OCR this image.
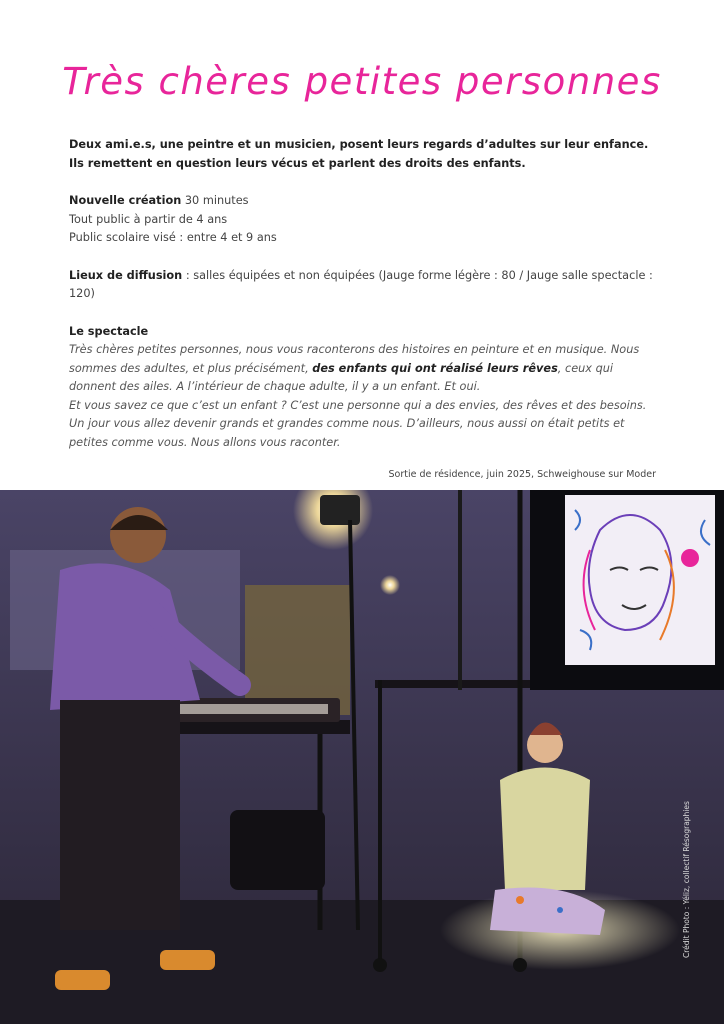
Très chères petites personnes

Deux ami.e.s, une peintre et un musicien, posent leurs regards d’adultes sur leur enfance. Ils remettent en question leurs vécus et parlent des droits des enfants.

Nouvelle création 30 minutes

Tout public à partir de 4 ans

Public scolaire visé : entre 4 et 9 ans

Lieux de diffusion : salles équipées et non équipées (Jauge forme légère : 80 / Jauge salle spectacle : 120)

Le spectacle

Très chères petites personnes, nous vous raconterons des histoires en peinture et en musique. Nous sommes des adultes, et plus précisément, des enfants qui ont réalisé leurs rêves, ceux qui donnent des ailes. A l’intérieur de chaque adulte, il y a un enfant. Et oui.

Et vous savez ce que c’est un enfant ? C’est une personne qui a des envies, des rêves et des besoins. Un jour vous allez devenir grands et grandes comme nous. D’ailleurs, nous aussi on était petits et petites comme vous. Nous allons vous raconter.

Sortie de résidence, juin 2025, Schweighouse sur Moder
Crédit Photo : Yéliz, collectif Résographies
